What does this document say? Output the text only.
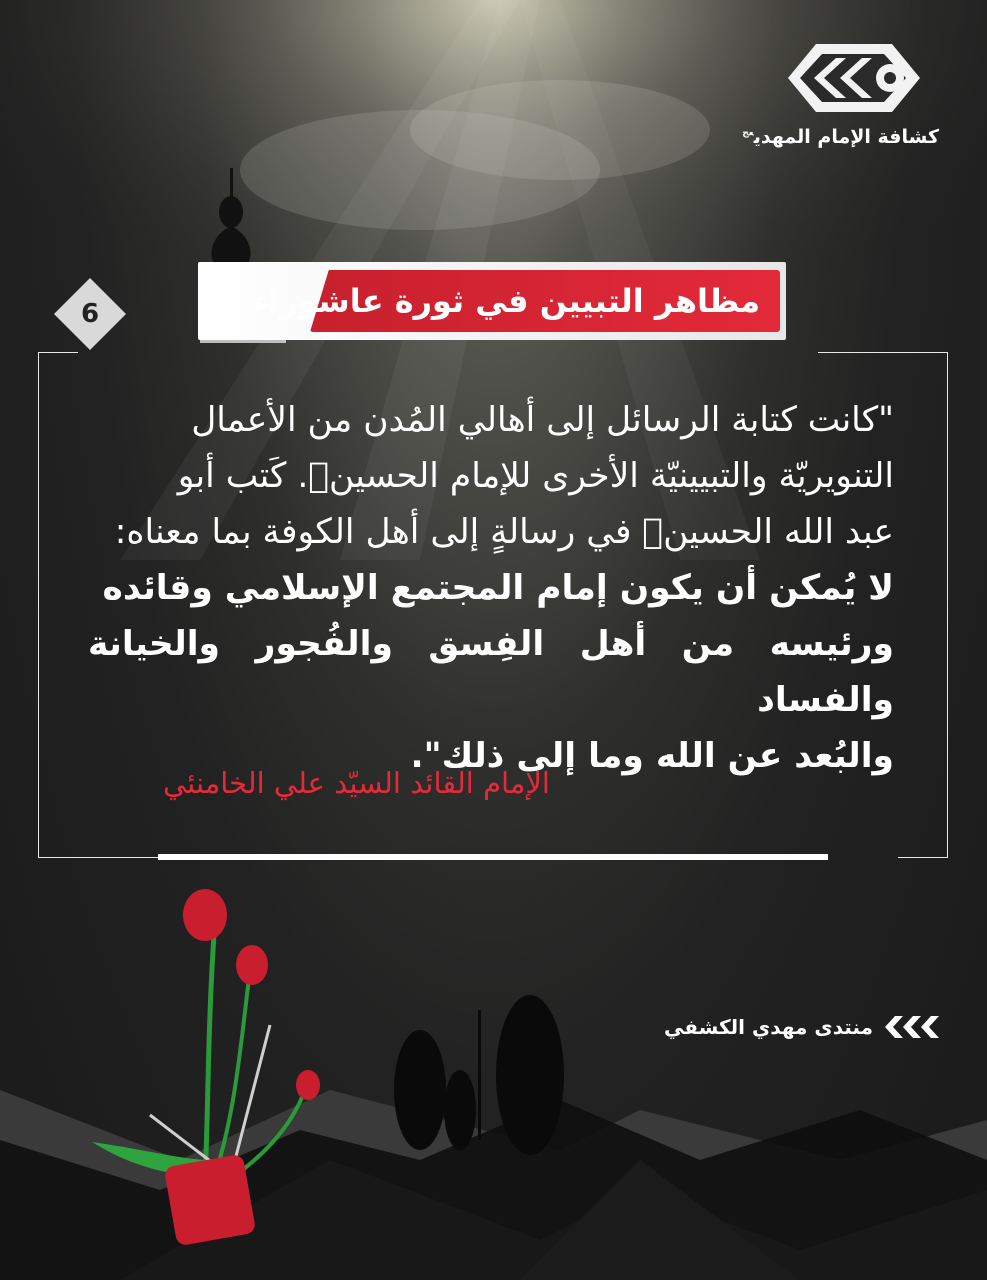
كشافة الإمام المهدي$^{عج}$
مظاهر التبيين في ثورة عاشوراء
6

"كانت كتابة الرسائل إلى أهالي المُدن من الأعمال

التنويريّة والتبيينيّة الأخرى للإمام الحسينؑ. كَتب أبو

عبد الله الحسينؑ في رسالةٍ إلى أهل الكوفة بما معناه:

لا يُمكن أن يكون إمام المجتمع الإسلامي وقائده

ورئيسه من أهل الفِسق والفُجور والخيانة والفساد

والبُعد عن الله وما إلى ذلك".

الإمام القائد السيّد علي الخامنئي
منتدى مهدي الكشفي
